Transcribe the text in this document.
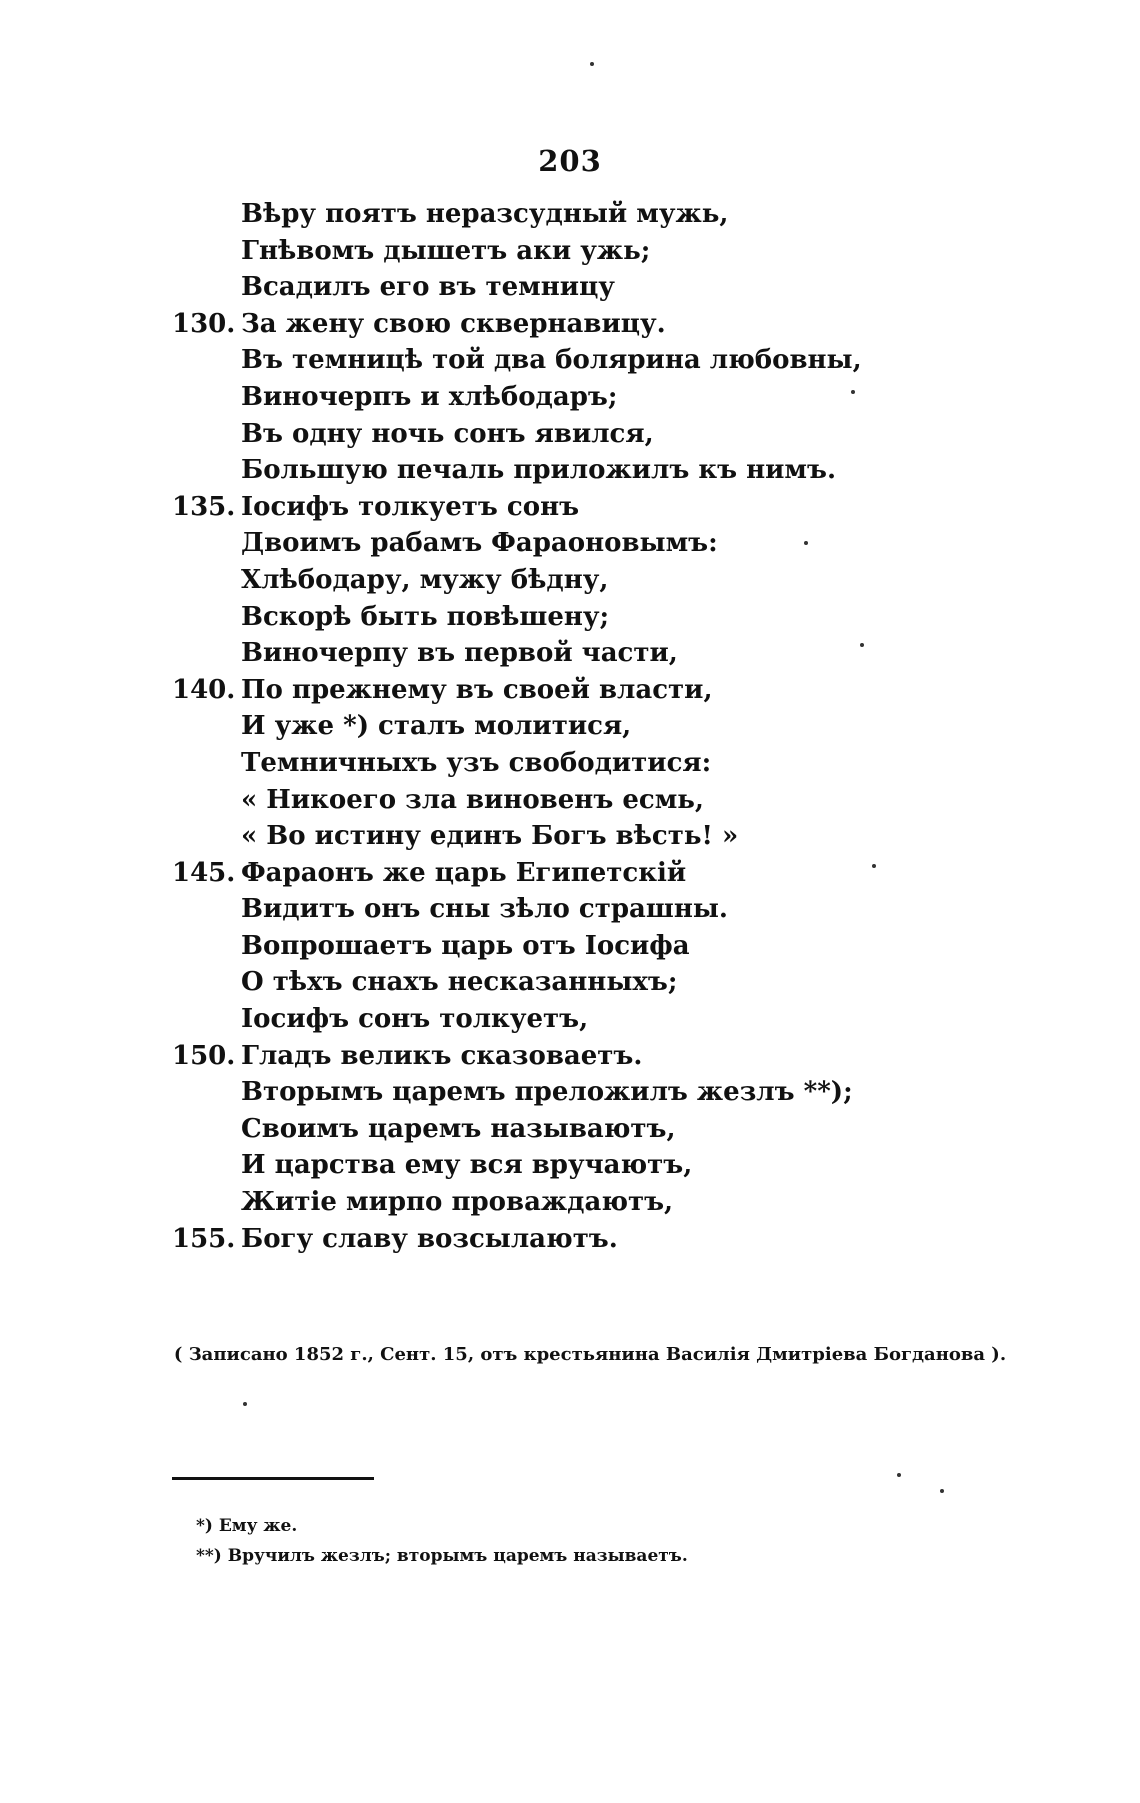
203
Вѣру поятъ неразсудный мужь,
Гнѣвомъ дышетъ аки ужь;
Всадилъ его въ темницу
130. За жену свою сквернавицу.
Въ темницѣ той два болярина любовны,
Виночерпъ и хлѣбодаръ;
Въ одну ночь сонъ явился,
Большую печаль приложилъ къ нимъ.
135. Іосифъ толкуетъ сонъ
Двоимъ рабамъ Фараоновымъ:
Хлѣбодару, мужу бѣдну,
Вскорѣ быть повѣшену;
Виночерпу въ первой части,
140. По прежнему въ своей власти,
И уже *) сталъ молитися,
Темничныхъ узъ свободитися:
« Никоего зла виновенъ есмь,
« Во истину единъ Богъ вѣсть! »
145. Фараонъ же царь Египетскій
Видитъ онъ сны зѣло страшны.
Вопрошаетъ царь отъ Іосифа
О тѣхъ снахъ несказанныхъ;
Іосифъ сонъ толкуетъ,
150. Гладъ великъ сказоваетъ.
Вторымъ царемъ преложилъ жезлъ **);
Своимъ царемъ называютъ,
И царства ему вся вручаютъ,
Житіе мирпо проваждаютъ,
155. Богу славу возсылаютъ.
( Записано 1852 г., Сент. 15, отъ крестьянина Василія Дмитріева Богданова ).
*) Ему же.
**) Вручилъ жезлъ; вторымъ царемъ называетъ.
